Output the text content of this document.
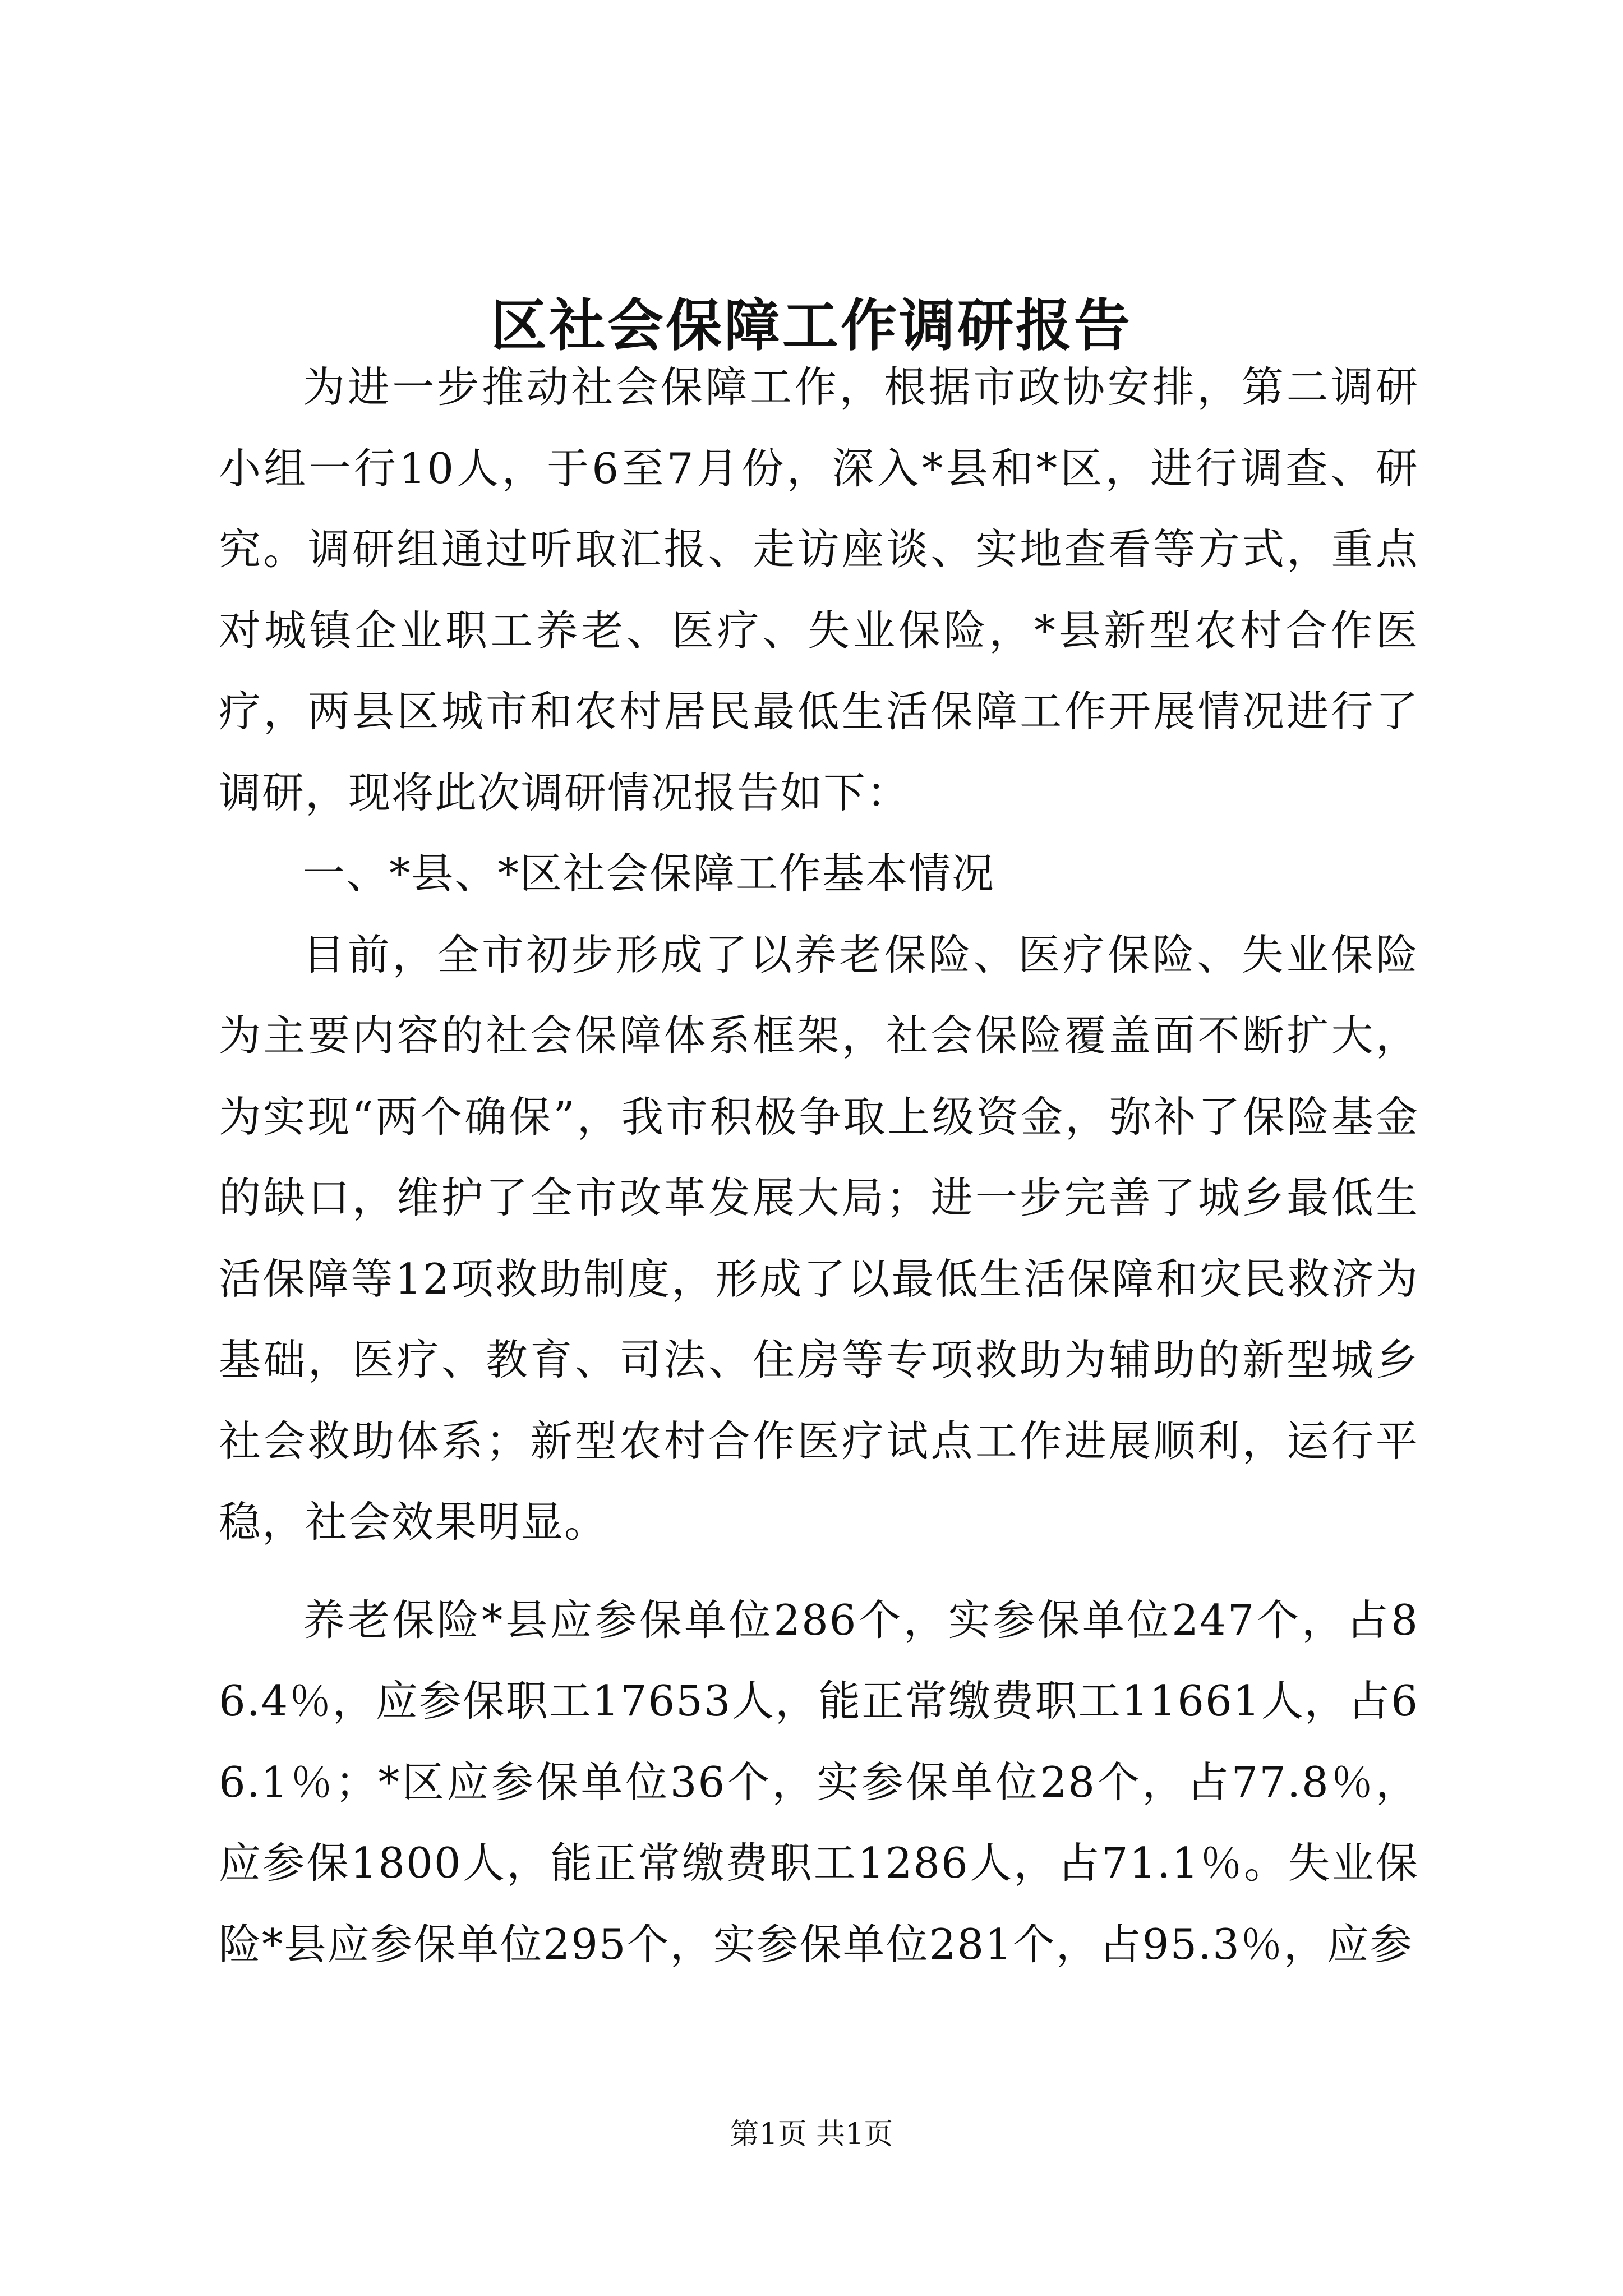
区社会保障工作调研报告

为进一步推动社会保障工作，根据市政协安排，第二调研小组一行10人，于6至7月份，深入*县和*区，进行调查、研究。调研组通过听取汇报、走访座谈、实地查看等方式，重点对城镇企业职工养老、医疗、失业保险，*县新型农村合作医疗，两县区城市和农村居民最低生活保障工作开展情况进行了调研，现将此次调研情况报告如下：

一、*县、*区社会保障工作基本情况

目前，全市初步形成了以养老保险、医疗保险、失业保险为主要内容的社会保障体系框架，社会保险覆盖面不断扩大，为实现“两个确保”，我市积极争取上级资金，弥补了保险基金的缺口，维护了全市改革发展大局；进一步完善了城乡最低生活保障等12项救助制度，形成了以最低生活保障和灾民救济为基础，医疗、教育、司法、住房等专项救助为辅助的新型城乡社会救助体系；新型农村合作医疗试点工作进展顺利，运行平稳，社会效果明显。

养老保险*县应参保单位286个，实参保单位247个，占86.4％，应参保职工17653人，能正常缴费职工11661人，占66.1％；*区应参保单位36个，实参保单位28个，占77.8％，应参保1800人，能正常缴费职工1286人，占71.1％。失业保险*县应参保单位295个，实参保单位281个，占95.3％，应参

第1页 共1页
